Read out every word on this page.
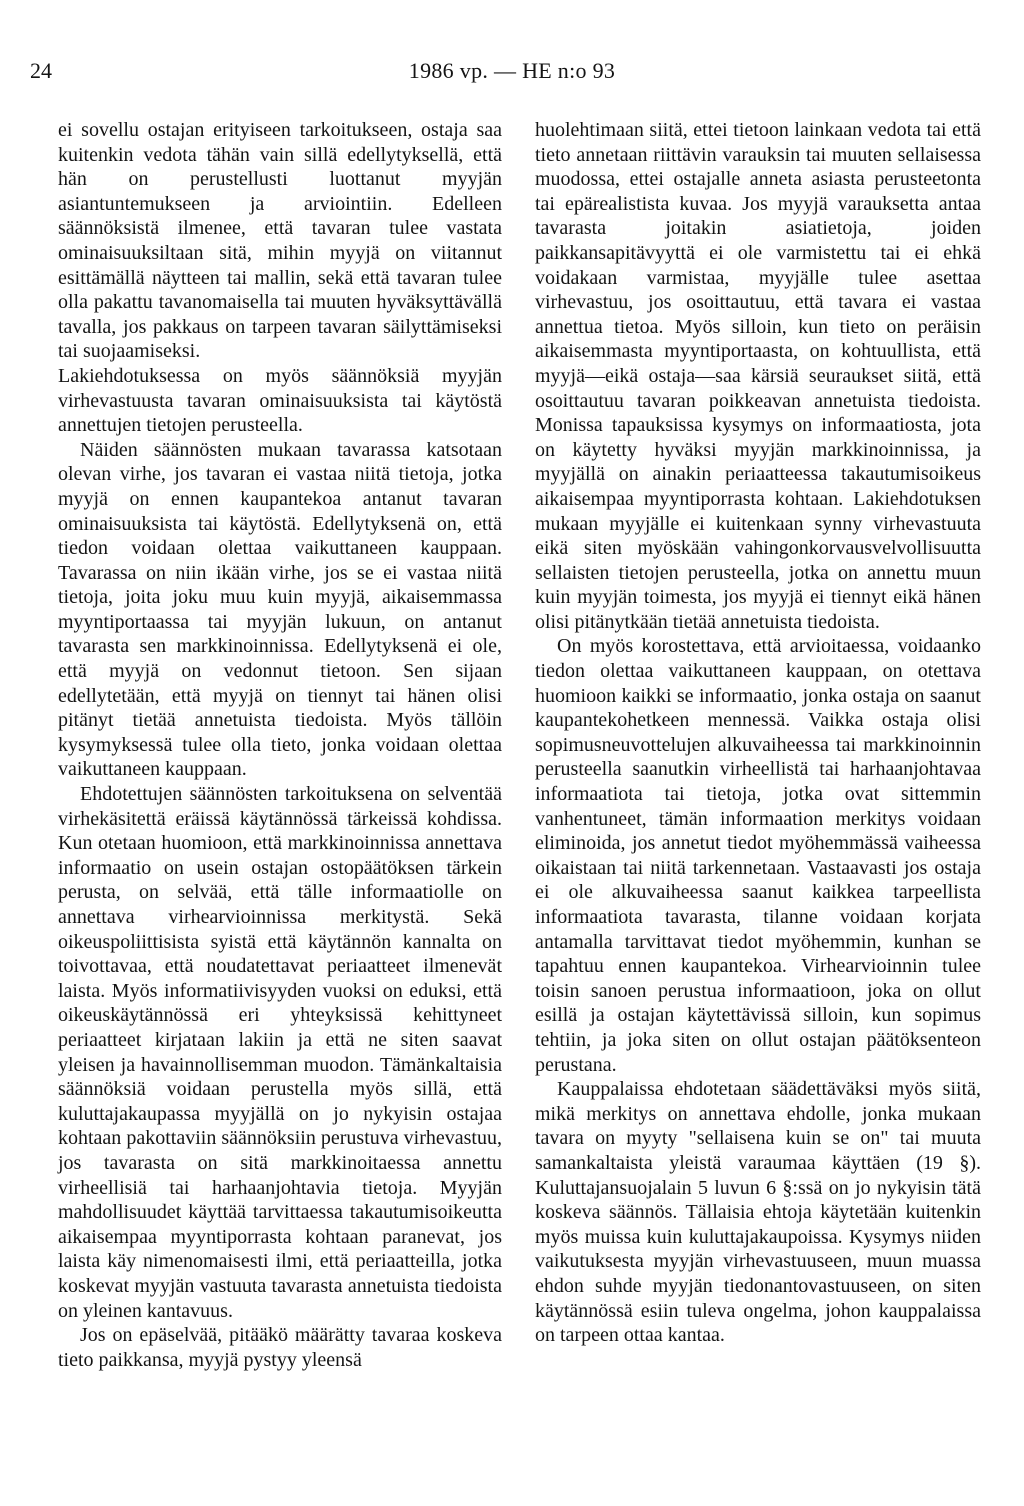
24	1986 vp. — HE n:o 93

ei sovellu ostajan erityiseen tarkoitukseen, ostaja saa kuitenkin vedota tähän vain sillä edellytyksellä, että hän on perustellusti luottanut myyjän asiantuntemukseen ja arviointiin. Edelleen säännöksistä ilmenee, että tavaran tulee vastata ominaisuuksiltaan sitä, mihin myyjä on viitannut esittämällä näytteen tai mallin, sekä että tavaran tulee olla pakattu tavanomaisella tai muuten hyväksyttävällä tavalla, jos pakkaus on tarpeen tavaran säilyttämiseksi tai suojaamiseksi.

Lakiehdotuksessa on myös säännöksiä myyjän virhevastuusta tavaran ominaisuuksista tai käytöstä annettujen tietojen perusteella.

Näiden säännösten mukaan tavarassa katsotaan olevan virhe, jos tavaran ei vastaa niitä tietoja, jotka myyjä on ennen kaupantekoa antanut tavaran ominaisuuksista tai käytöstä. Edellytyksenä on, että tiedon voidaan olettaa vaikuttaneen kauppaan. Tavarassa on niin ikään virhe, jos se ei vastaa niitä tietoja, joita joku muu kuin myyjä, aikaisemmassa myyntiportaassa tai myyjän lukuun, on antanut tavarasta sen markkinoinnissa. Edellytyksenä ei ole, että myyjä on vedonnut tietoon. Sen sijaan edellytetään, että myyjä on tiennyt tai hänen olisi pitänyt tietää annetuista tiedoista. Myös tällöin kysymyksessä tulee olla tieto, jonka voidaan olettaa vaikuttaneen kauppaan.

Ehdotettujen säännösten tarkoituksena on selventää virhekäsitettä eräissä käytännössä tärkeissä kohdissa. Kun otetaan huomioon, että markkinoinnissa annettava informaatio on usein ostajan ostopäätöksen tärkein perusta, on selvää, että tälle informaatiolle on annettava virhearvioinnissa merkitystä. Sekä oikeuspoliittisista syistä että käytännön kannalta on toivottavaa, että noudatettavat periaatteet ilmenevät laista. Myös informatiivisyyden vuoksi on eduksi, että oikeuskäytännössä eri yhteyksissä kehittyneet periaatteet kirjataan lakiin ja että ne siten saavat yleisen ja havainnollisemman muodon. Tämänkaltaisia säännöksiä voidaan perustella myös sillä, että kuluttajakaupassa myyjällä on jo nykyisin ostajaa kohtaan pakottaviin säännöksiin perustuva virhevastuu, jos tavarasta on sitä markkinoitaessa annettu virheellisiä tai harhaanjohtavia tietoja. Myyjän mahdollisuudet käyttää tarvittaessa takautumisoikeutta aikaisempaa myyntiporrasta kohtaan paranevat, jos laista käy nimenomaisesti ilmi, että periaatteilla, jotka koskevat myyjän vastuuta tavarasta annetuista tiedoista on yleinen kantavuus.

Jos on epäselvää, pitääkö määrätty tavaraa koskeva tieto paikkansa, myyjä pystyy yleensä

huolehtimaan siitä, ettei tietoon lainkaan vedota tai että tieto annetaan riittävin varauksin tai muuten sellaisessa muodossa, ettei ostajalle anneta asiasta perusteetonta tai epärealistista kuvaa. Jos myyjä varauksetta antaa tavarasta joitakin asiatietoja, joiden paikkansapitävyyttä ei ole varmistettu tai ei ehkä voidakaan varmistaa, myyjälle tulee asettaa virhevastuu, jos osoittautuu, että tavara ei vastaa annettua tietoa. Myös silloin, kun tieto on peräisin aikaisemmasta myyntiportaasta, on kohtuullista, että myyjä—eikä ostaja—saa kärsiä seuraukset siitä, että osoittautuu tavaran poikkeavan annetuista tiedoista. Monissa tapauksissa kysymys on informaatiosta, jota on käytetty hyväksi myyjän markkinoinnissa, ja myyjällä on ainakin periaatteessa takautumisoikeus aikaisempaa myyntiporrasta kohtaan. Lakiehdotuksen mukaan myyjälle ei kuitenkaan synny virhevastuuta eikä siten myöskään vahingonkorvausvelvollisuutta sellaisten tietojen perusteella, jotka on annettu muun kuin myyjän toimesta, jos myyjä ei tiennyt eikä hänen olisi pitänytkään tietää annetuista tiedoista.

On myös korostettava, että arvioitaessa, voidaanko tiedon olettaa vaikuttaneen kauppaan, on otettava huomioon kaikki se informaatio, jonka ostaja on saanut kaupantekohetkeen mennessä. Vaikka ostaja olisi sopimusneuvottelujen alkuvaiheessa tai markkinoinnin perusteella saanutkin virheellistä tai harhaanjohtavaa informaatiota tai tietoja, jotka ovat sittemmin vanhentuneet, tämän informaation merkitys voidaan eliminoida, jos annetut tiedot myöhemmässä vaiheessa oikaistaan tai niitä tarkennetaan. Vastaavasti jos ostaja ei ole alkuvaiheessa saanut kaikkea tarpeellista informaatiota tavarasta, tilanne voidaan korjata antamalla tarvittavat tiedot myöhemmin, kunhan se tapahtuu ennen kaupantekoa. Virhearvioinnin tulee toisin sanoen perustua informaatioon, joka on ollut esillä ja ostajan käytettävissä silloin, kun sopimus tehtiin, ja joka siten on ollut ostajan päätöksenteon perustana.

Kauppalaissa ehdotetaan säädettäväksi myös siitä, mikä merkitys on annettava ehdolle, jonka mukaan tavara on myyty "sellaisena kuin se on" tai muuta samankaltaista yleistä varaumaa käyttäen (19 §). Kuluttajansuojalain 5 luvun 6 §:ssä on jo nykyisin tätä koskeva säännös. Tällaisia ehtoja käytetään kuitenkin myös muissa kuin kuluttajakaupoissa. Kysymys niiden vaikutuksesta myyjän virhevastuuseen, muun muassa ehdon suhde myyjän tiedonantovastuuseen, on siten käytännössä esiin tuleva ongelma, johon kauppalaissa on tarpeen ottaa kantaa.
